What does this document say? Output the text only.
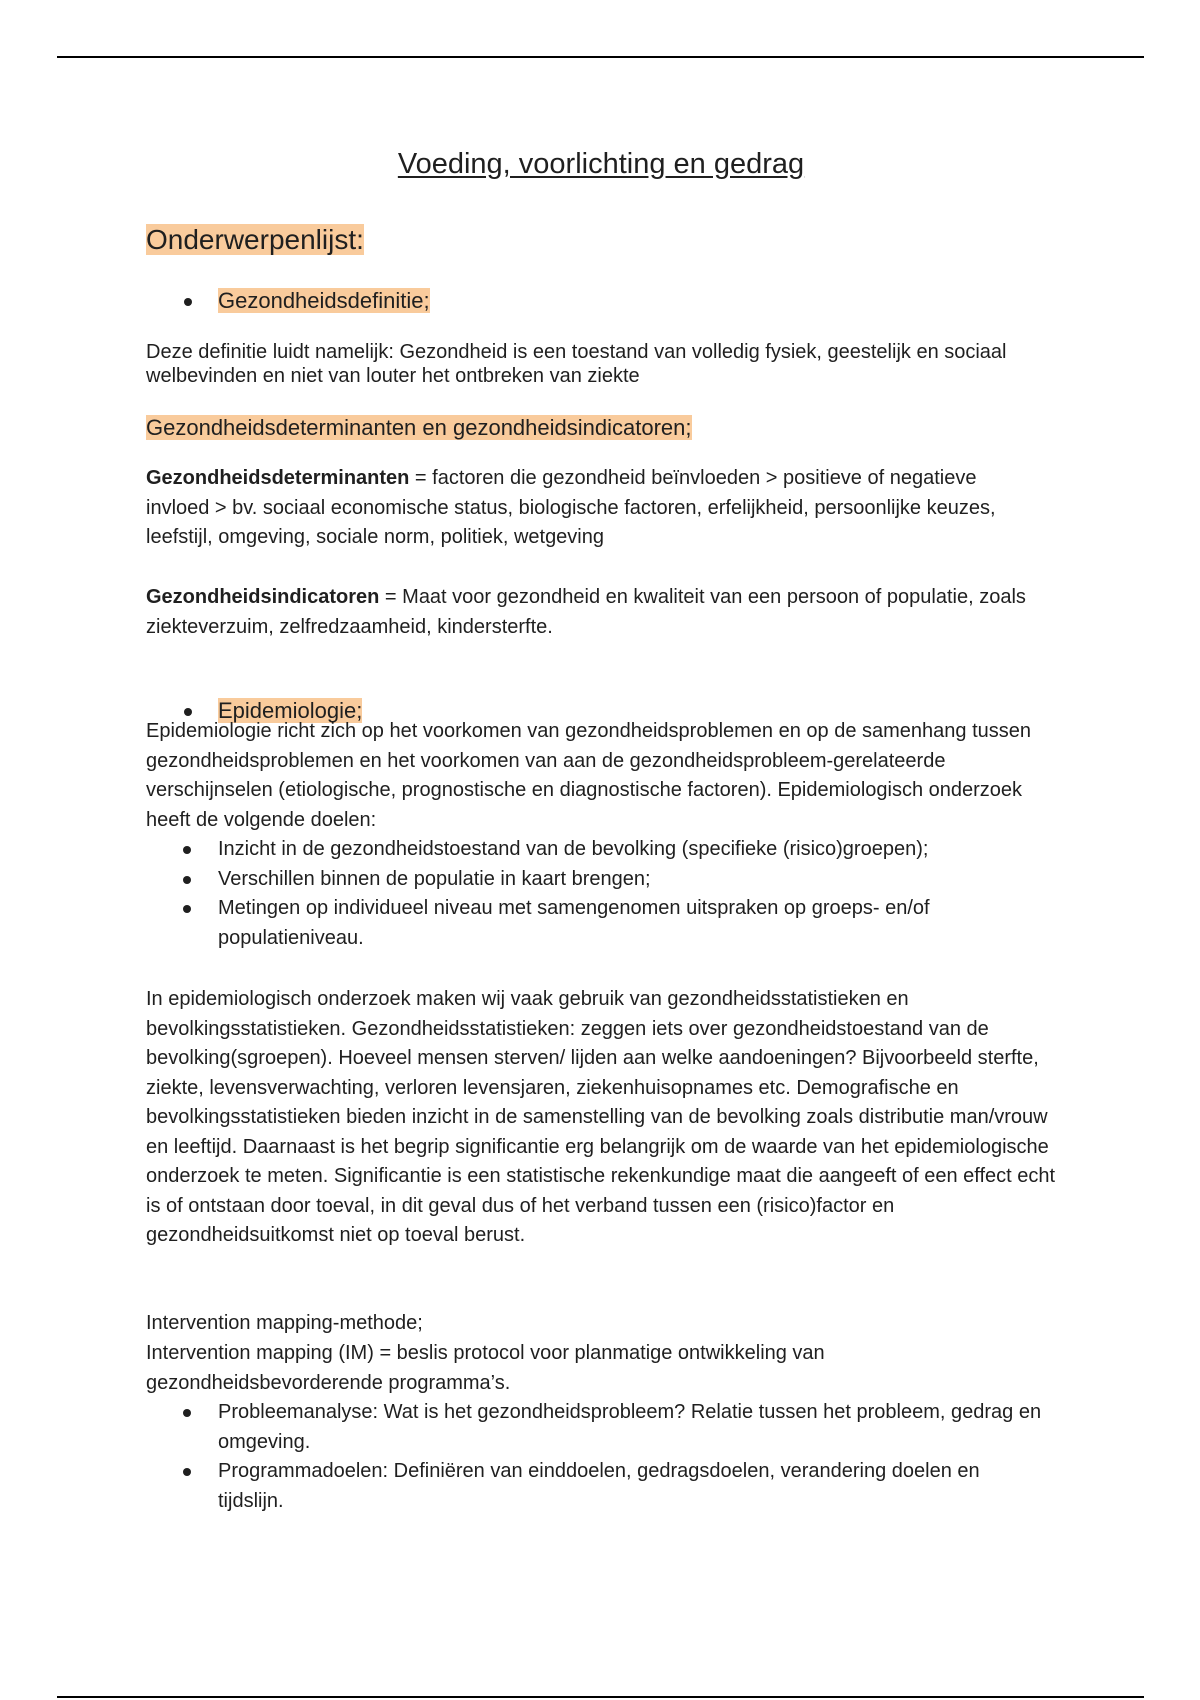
Voeding, voorlichting en gedrag
Onderwerpenlijst:
Gezondheidsdefinitie;

Deze definitie luidt namelijk: Gezondheid is een toestand van volledig fysiek, geestelijk en sociaal welbevinden en niet van louter het ontbreken van ziekte

Gezondheidsdeterminanten en gezondheidsindicatoren;

Gezondheidsdeterminanten = factoren die gezondheid beïnvloeden > positieve of negatieve invloed > bv. sociaal economische status, biologische factoren, erfelijkheid, persoonlijke keuzes, leefstijl, omgeving, sociale norm, politiek, wetgeving

Gezondheidsindicatoren = Maat voor gezondheid en kwaliteit van een persoon of populatie, zoals ziekteverzuim, zelfredzaamheid, kindersterfte.

Epidemiologie;

Epidemiologie richt zich op het voorkomen van gezondheidsproblemen en op de samenhang tussen gezondheidsproblemen en het voorkomen van aan de gezondheidsprobleem-gerelateerde verschijnselen (etiologische, prognostische en diagnostische factoren). Epidemiologisch onderzoek heeft de volgende doelen:

Inzicht in de gezondheidstoestand van de bevolking (specifieke (risico)groepen);
Verschillen binnen de populatie in kaart brengen;
Metingen op individueel niveau met samengenomen uitspraken op groeps- en/of populatieniveau.

In epidemiologisch onderzoek maken wij vaak gebruik van gezondheidsstatistieken en bevolkingsstatistieken. Gezondheidsstatistieken: zeggen iets over gezondheidstoestand van de bevolking(sgroepen). Hoeveel mensen sterven/ lijden aan welke aandoeningen? Bijvoorbeeld sterfte, ziekte, levensverwachting, verloren levensjaren, ziekenhuisopnames etc. Demografische en bevolkingsstatistieken bieden inzicht in de samenstelling van de bevolking zoals distributie man/vrouw en leeftijd. Daarnaast is het begrip significantie erg belangrijk om de waarde van het epidemiologische onderzoek te meten. Significantie is een statistische rekenkundige maat die aangeeft of een effect echt is of ontstaan door toeval, in dit geval dus of het verband tussen een (risico)factor en gezondheidsuitkomst niet op toeval berust.

Intervention mapping-methode;

Intervention mapping (IM) = beslis protocol voor planmatige ontwikkeling van gezondheidsbevorderende programma’s.

Probleemanalyse: Wat is het gezondheidsprobleem? Relatie tussen het probleem, gedrag en omgeving.
Programmadoelen: Definiëren van einddoelen, gedragsdoelen, verandering doelen en tijdslijn.
